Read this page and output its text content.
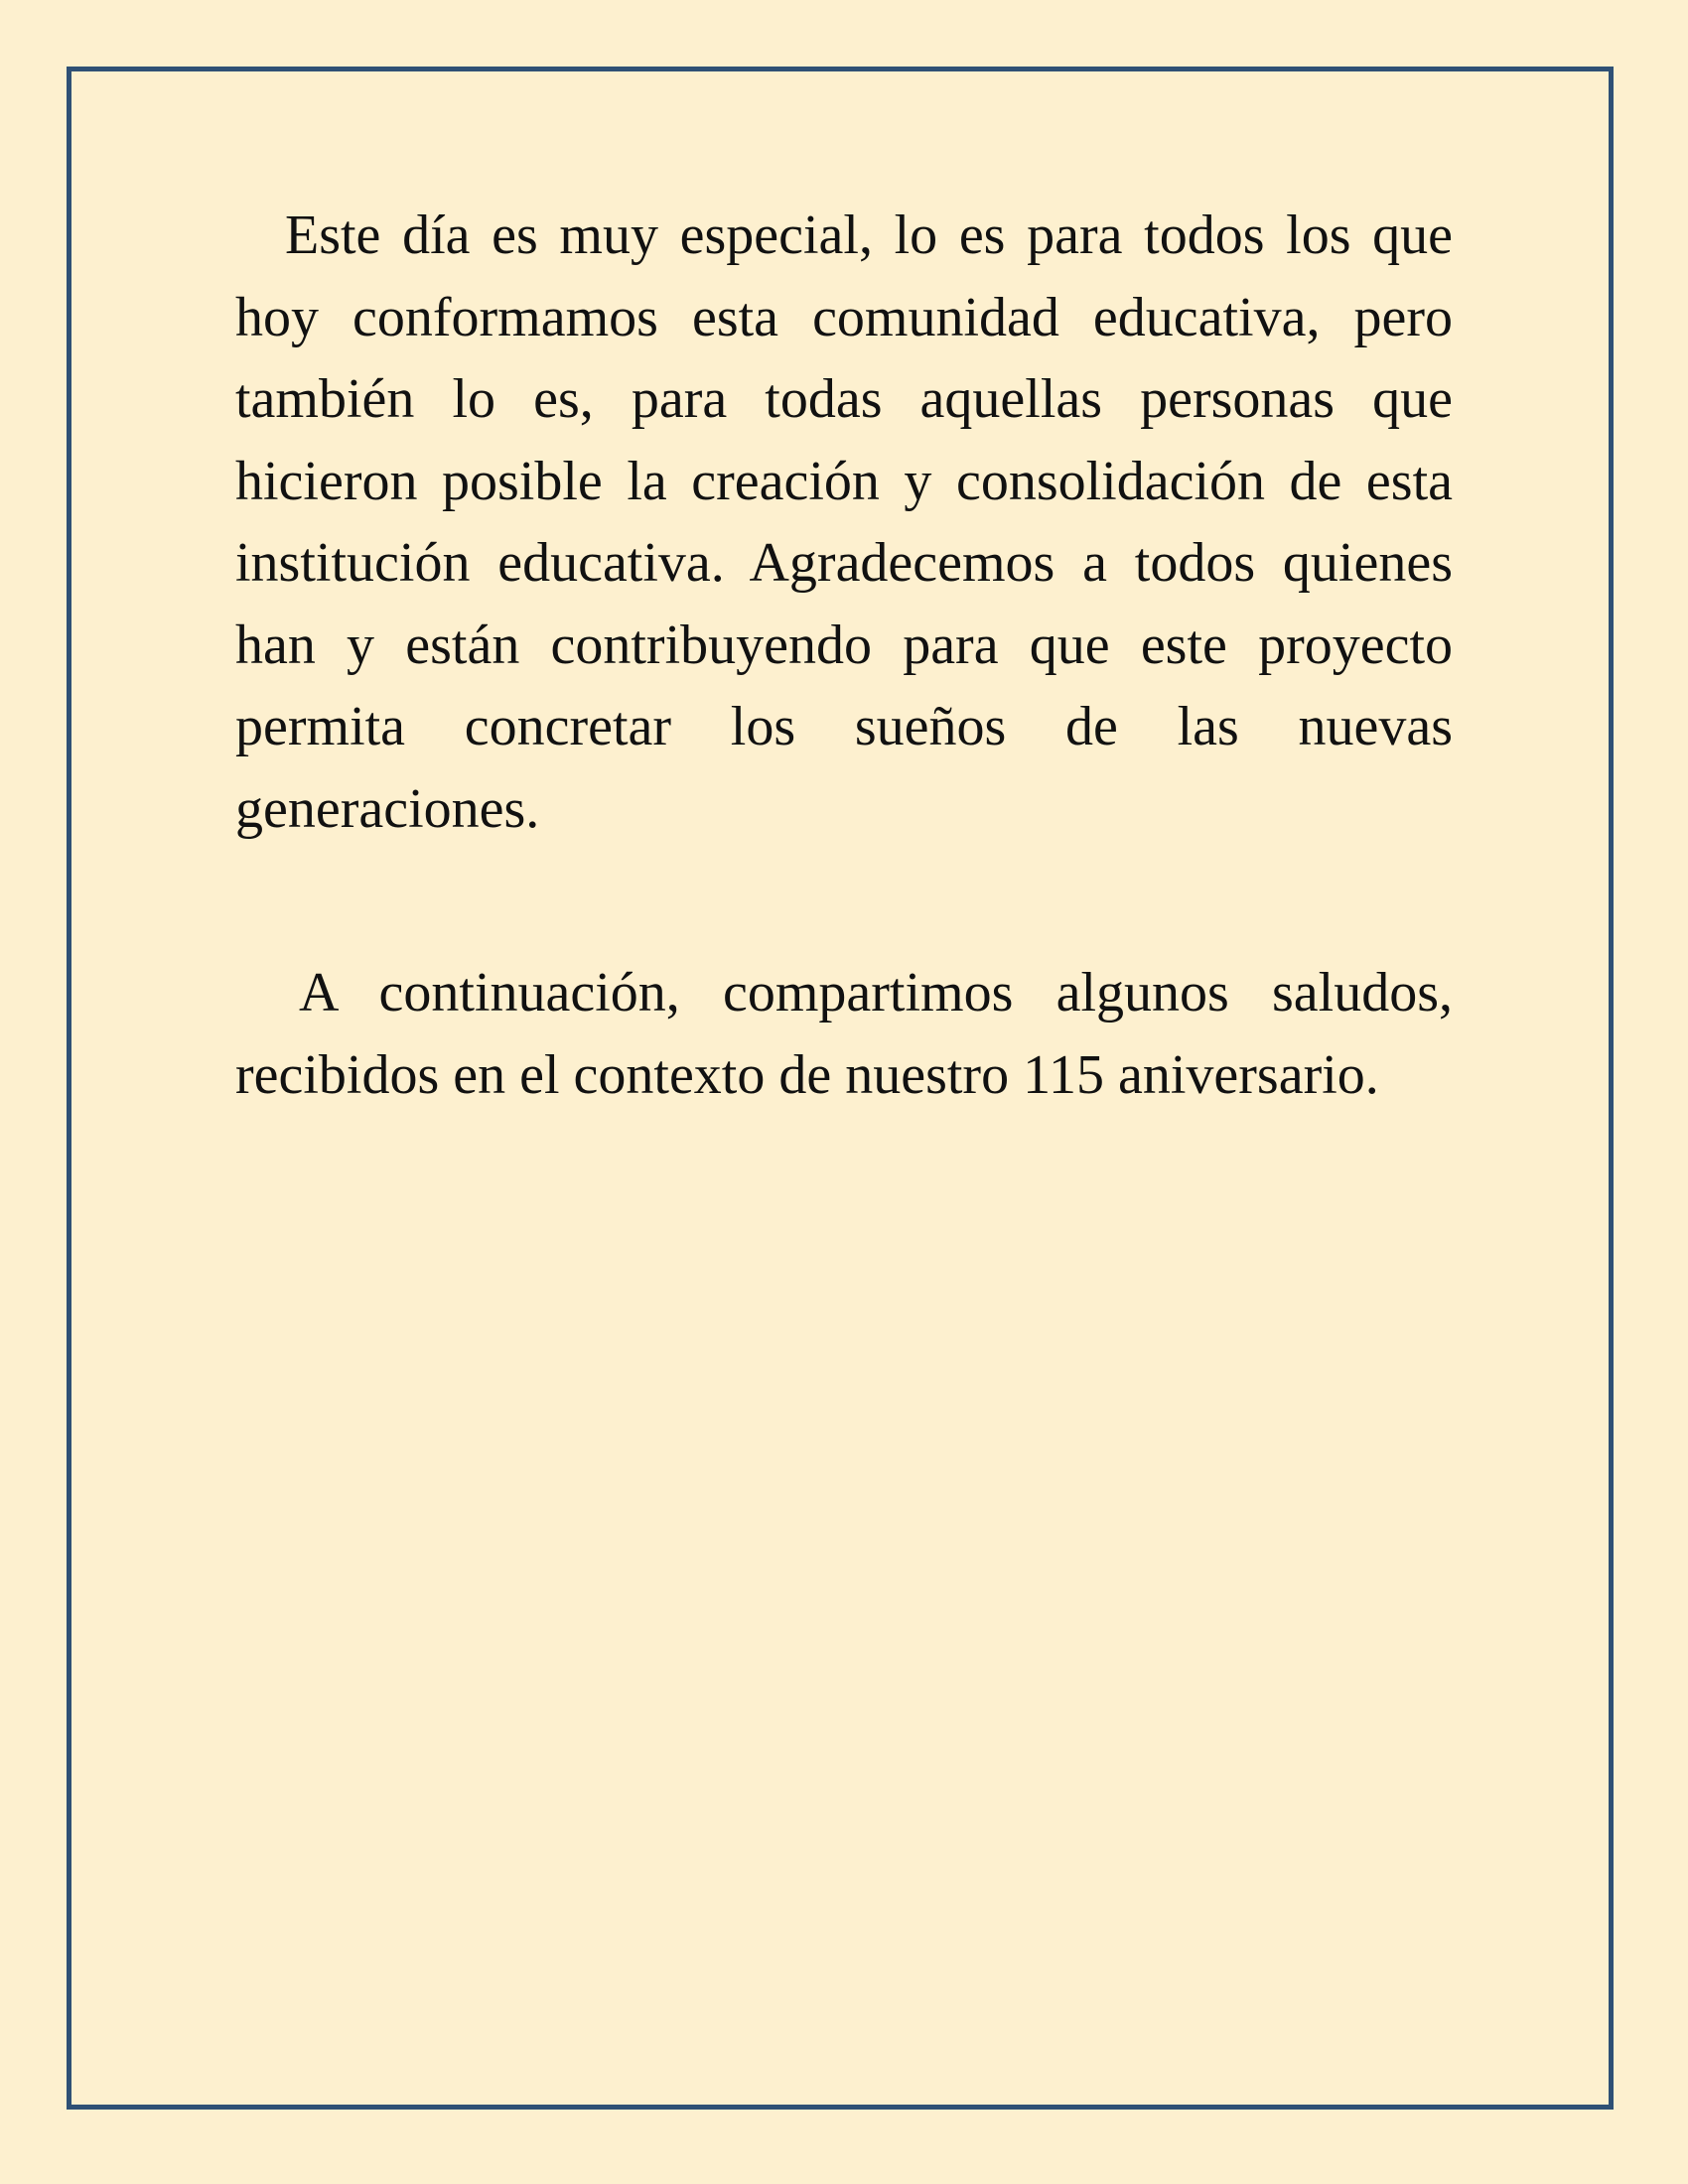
Este día es muy especial, lo es para todos los que hoy conformamos esta comunidad educativa, pero también lo es, para todas aquellas personas que hicieron posible la creación y consolidación de esta institución educativa. Agradecemos a todos quienes han y están contribuyendo para que este proyecto permita concretar los sueños de las nuevas generaciones.

A continuación, compartimos algunos saludos, recibidos en el contexto de nuestro 115 aniversario.
